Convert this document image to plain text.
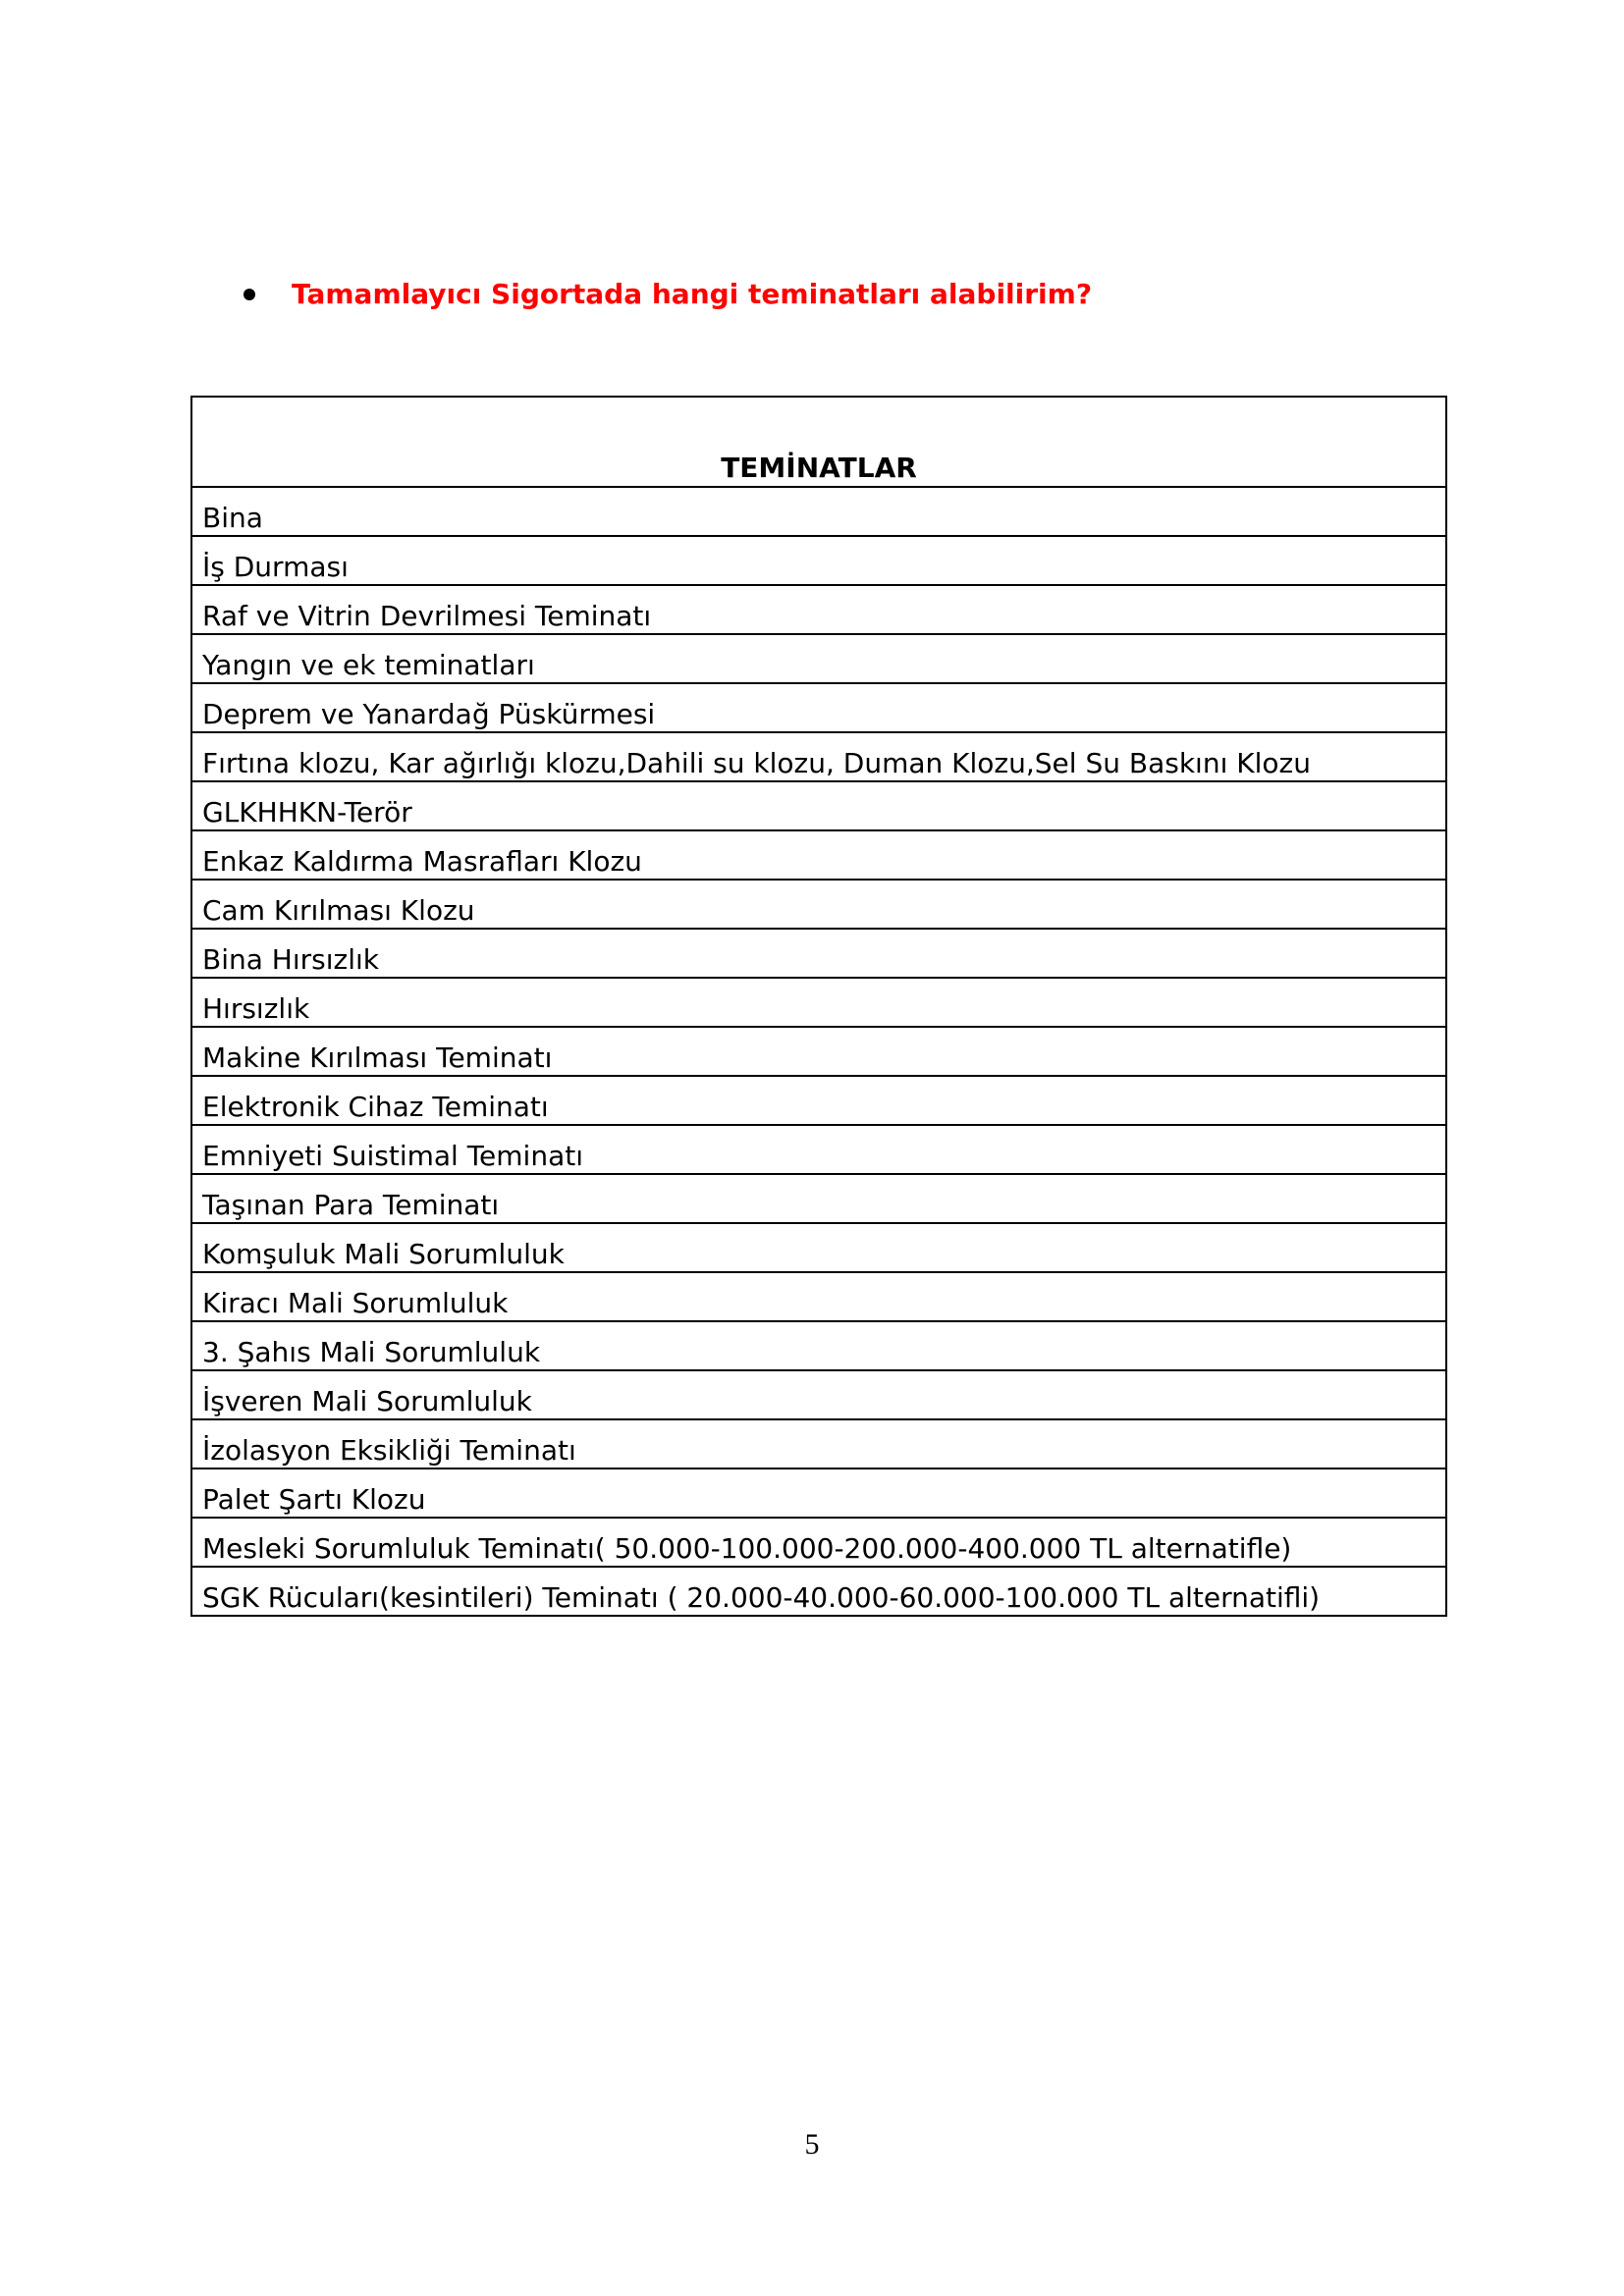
Tamamlayıcı Sigortada hangi teminatları alabilirim?
TEMİNATLAR
Bina
İş Durması
Raf ve Vitrin Devrilmesi Teminatı
Yangın ve ek teminatları
Deprem ve Yanardağ Püskürmesi
Fırtına klozu, Kar ağırlığı klozu,Dahili su klozu, Duman Klozu,Sel Su Baskını Klozu
GLKHHKN-Terör
Enkaz Kaldırma Masrafları Klozu
Cam Kırılması Klozu
Bina Hırsızlık
Hırsızlık
Makine Kırılması Teminatı
Elektronik Cihaz Teminatı
Emniyeti Suistimal Teminatı
Taşınan Para Teminatı
Komşuluk Mali Sorumluluk
Kiracı Mali Sorumluluk
3. Şahıs Mali Sorumluluk
İşveren Mali Sorumluluk
İzolasyon Eksikliği Teminatı
Palet Şartı Klozu
Mesleki Sorumluluk Teminatı( 50.000-100.000-200.000-400.000 TL alternatifle)
SGK Rücuları(kesintileri) Teminatı ( 20.000-40.000-60.000-100.000 TL alternatifli)
5
